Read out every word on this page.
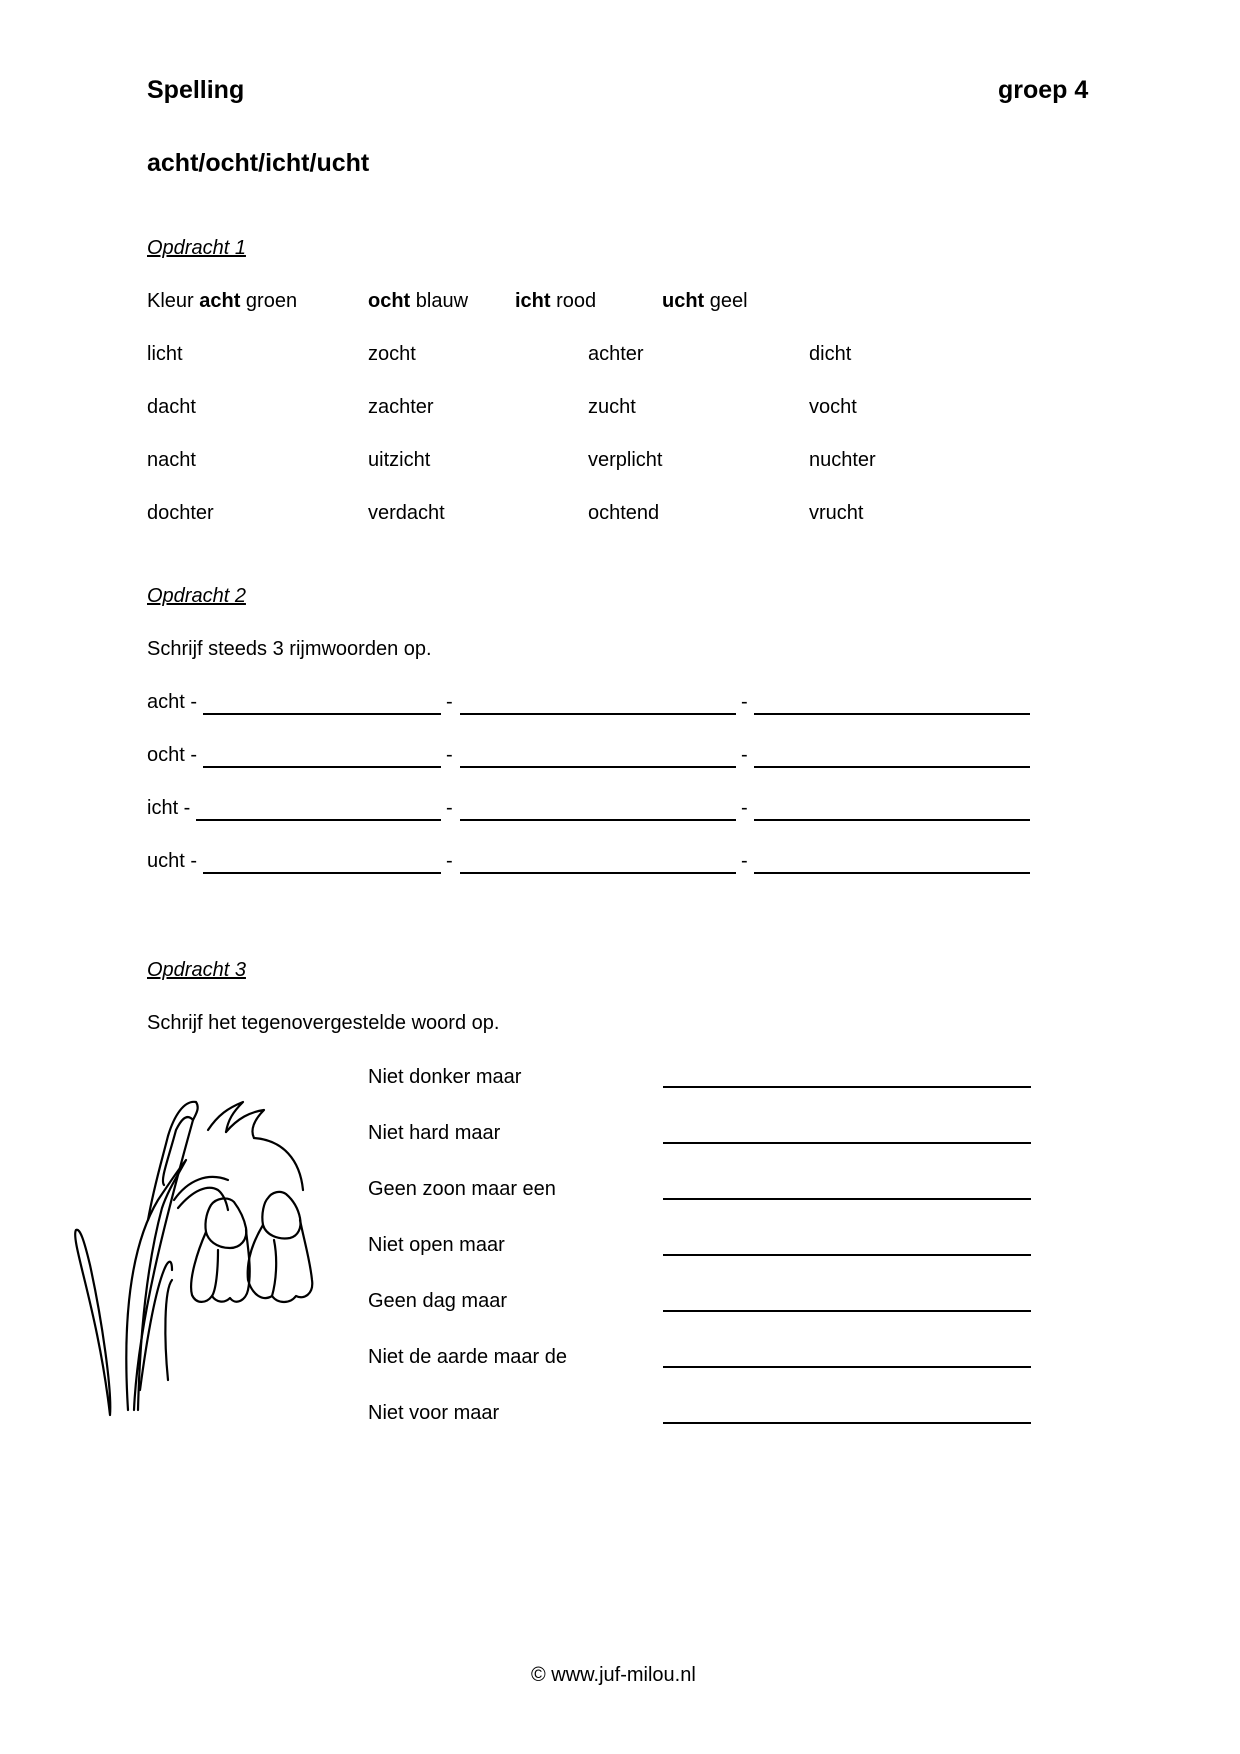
Spelling	groep 4
acht/ocht/icht/ucht
Opdracht 1
Kleur acht groen	ocht blauw icht rood	ucht geel
licht	zocht	achter	dicht
dacht	zachter	zucht	vocht
nacht	uitzicht	verplicht	nuchter
dochter	verdacht	ochtend	vrucht
Opdracht 2
Schrijf steeds 3 rijmwoorden op.
acht -	-	-
ocht -	-	-
icht -	-	-
ucht -	-	-
Opdracht 3
Schrijf het tegenovergestelde woord op.
Niet donker maar
Niet hard maar
Geen zoon maar een
Niet open maar
Geen dag maar
Niet de aarde maar de
Niet voor maar
© www.juf-milou.nl
